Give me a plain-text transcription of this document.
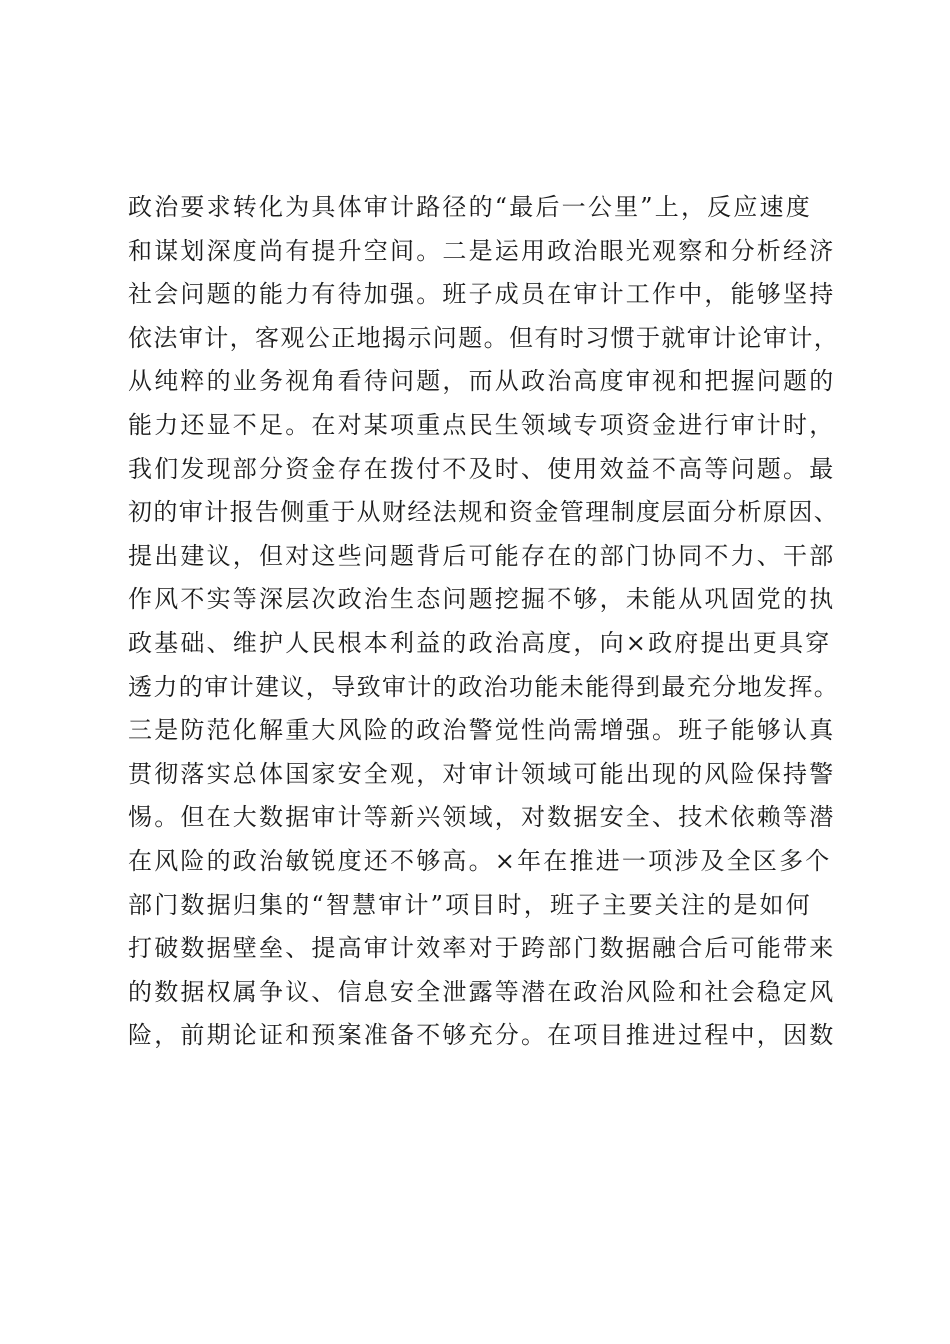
政治要求转化为具体审计路径的“最后一公里”上，反应速度
和谋划深度尚有提升空间。二是运用政治眼光观察和分析经济
社会问题的能力有待加强。班子成员在审计工作中，能够坚持
依法审计，客观公正地揭示问题。但有时习惯于就审计论审计，
从纯粹的业务视角看待问题，而从政治高度审视和把握问题的
能力还显不足。在对某项重点民生领域专项资金进行审计时，
我们发现部分资金存在拨付不及时、使用效益不高等问题。最
初的审计报告侧重于从财经法规和资金管理制度层面分析原因、
提出建议，但对这些问题背后可能存在的部门协同不力、干部
作风不实等深层次政治生态问题挖掘不够，未能从巩固党的执
政基础、维护人民根本利益的政治高度，向×政府提出更具穿
透力的审计建议，导致审计的政治功能未能得到最充分地发挥。
三是防范化解重大风险的政治警觉性尚需增强。班子能够认真
贯彻落实总体国家安全观，对审计领域可能出现的风险保持警
惕。但在大数据审计等新兴领域，对数据安全、技术依赖等潜
在风险的政治敏锐度还不够高。×年在推进一项涉及全区多个
部门数据归集的“智慧审计”项目时，班子主要关注的是如何
打破数据壁垒、提高审计效率对于跨部门数据融合后可能带来
的数据权属争议、信息安全泄露等潜在政治风险和社会稳定风
险，前期论证和预案准备不够充分。在项目推进过程中，因数
